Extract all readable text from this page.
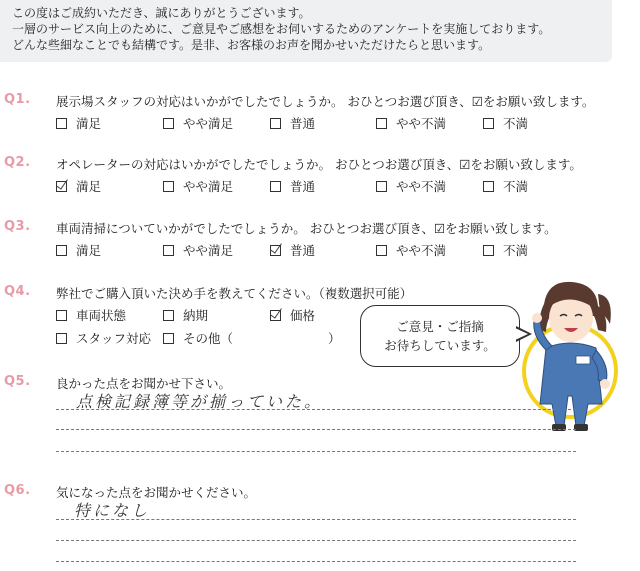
この度はご成約いただき、誠にありがとうございます。
一層のサービス向上のために、ご意見やご感想をお伺いするためのアンケートを実施しております。
どんな些細なことでも結構です。是非、お客様のお声を聞かせいただけたらと思います。
Q1. 展示場スタッフの対応はいかがでしたでしょうか。 おひとつお選び頂き、☑をお願い致します。
満足	やや満足	普通	やや不満	不満
Q2. オペレーターの対応はいかがでしたでしょうか。 おひとつお選び頂き、☑をお願い致します。
満足	やや満足	普通	やや不満	不満
Q3. 車両清掃についていかがでしたでしょうか。 おひとつお選び頂き、☑をお願い致します。
満足	やや満足	普通	やや不満	不満
Q4. 弊社でご購入頂いた決め手を教えてください。（複数選択可能）
車両状態	納期	価格
スタッフ対応	その他（	）
ご意見・ご指摘
お待ちしています。
Q5. 良かった点をお聞かせ下さい。
点検記録簿等が揃っていた。
Q6. 気になった点をお聞かせください。
特になし
